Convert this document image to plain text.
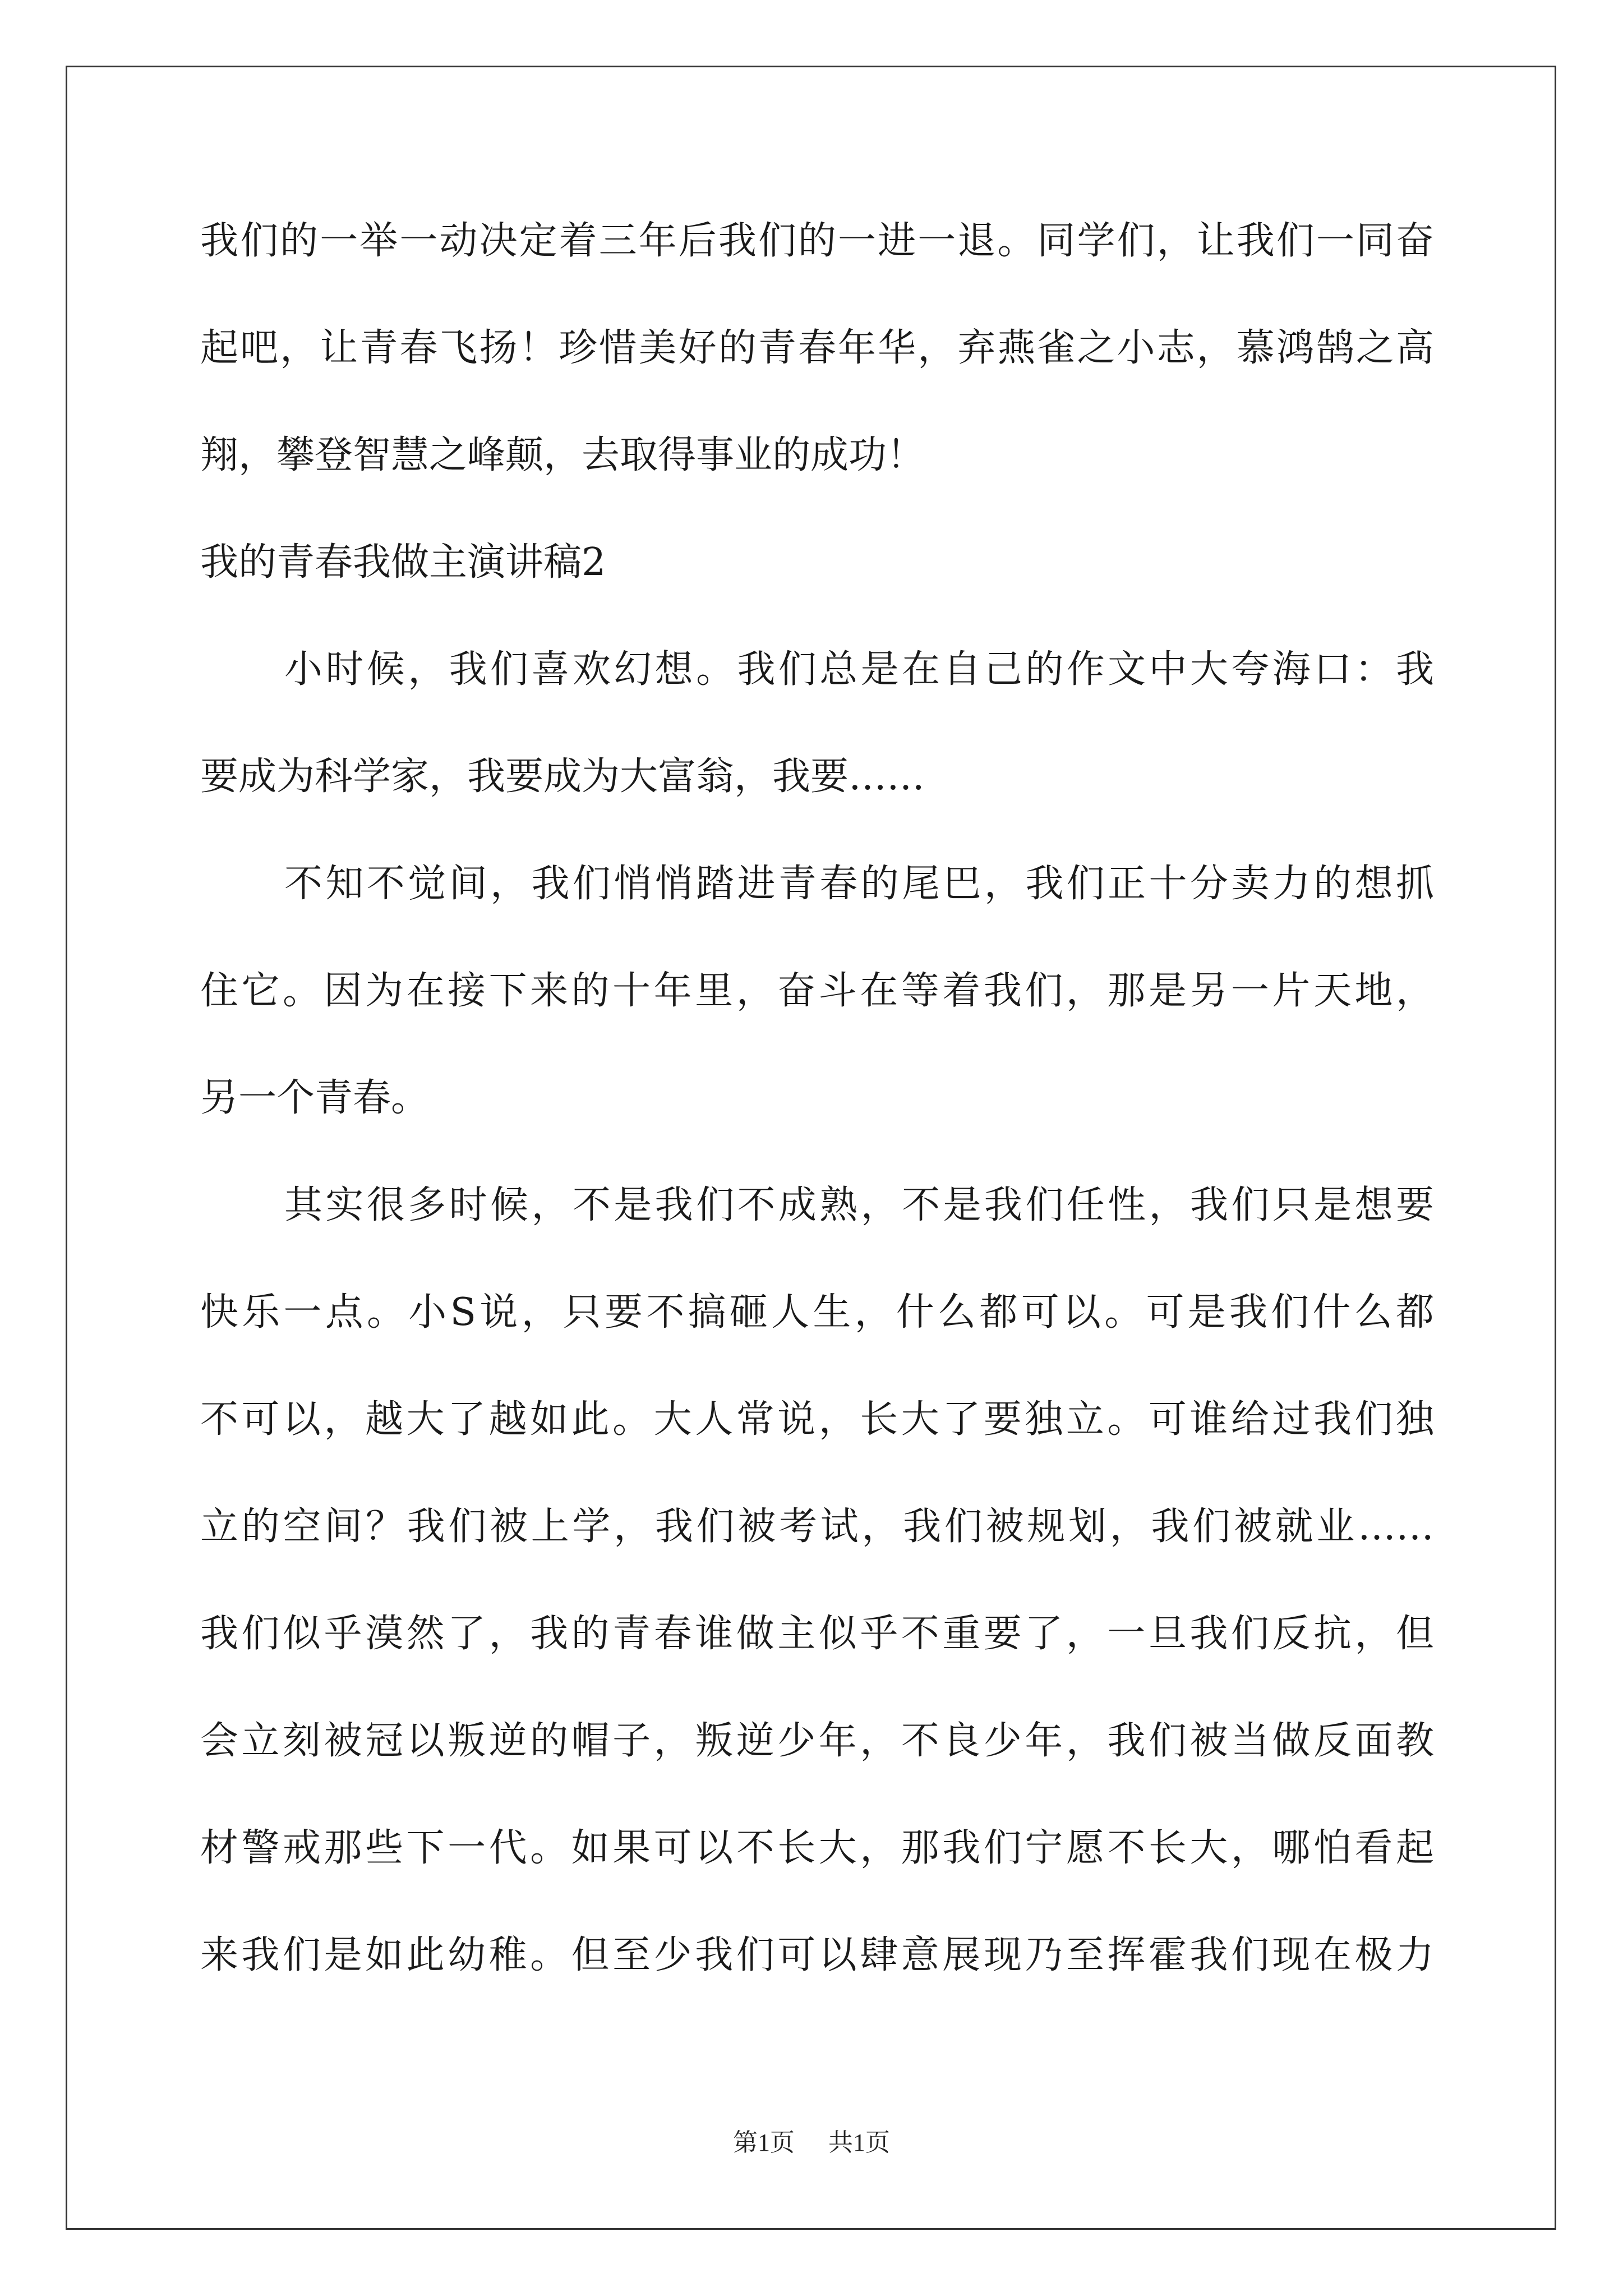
我们的一举一动决定着三年后我们的一进一退。同学们，让我们一同奋
起吧，让青春飞扬！珍惜美好的青春年华，弃燕雀之小志，慕鸿鹄之高
翔，攀登智慧之峰颠，去取得事业的成功！
我的青春我做主演讲稿2
小时候，我们喜欢幻想。我们总是在自己的作文中大夸海口：我
要成为科学家，我要成为大富翁，我要……
不知不觉间，我们悄悄踏进青春的尾巴，我们正十分卖力的想抓
住它。因为在接下来的十年里，奋斗在等着我们，那是另一片天地，
另一个青春。
其实很多时候，不是我们不成熟，不是我们任性，我们只是想要
快乐一点。小S说，只要不搞砸人生，什么都可以。可是我们什么都
不可以，越大了越如此。大人常说，长大了要独立。可谁给过我们独
立的空间？我们被上学，我们被考试，我们被规划，我们被就业……
我们似乎漠然了，我的青春谁做主似乎不重要了，一旦我们反抗，但
会立刻被冠以叛逆的帽子，叛逆少年，不良少年，我们被当做反面教
材警戒那些下一代。如果可以不长大，那我们宁愿不长大，哪怕看起
来我们是如此幼稚。但至少我们可以肆意展现乃至挥霍我们现在极力
第1页 共1页
